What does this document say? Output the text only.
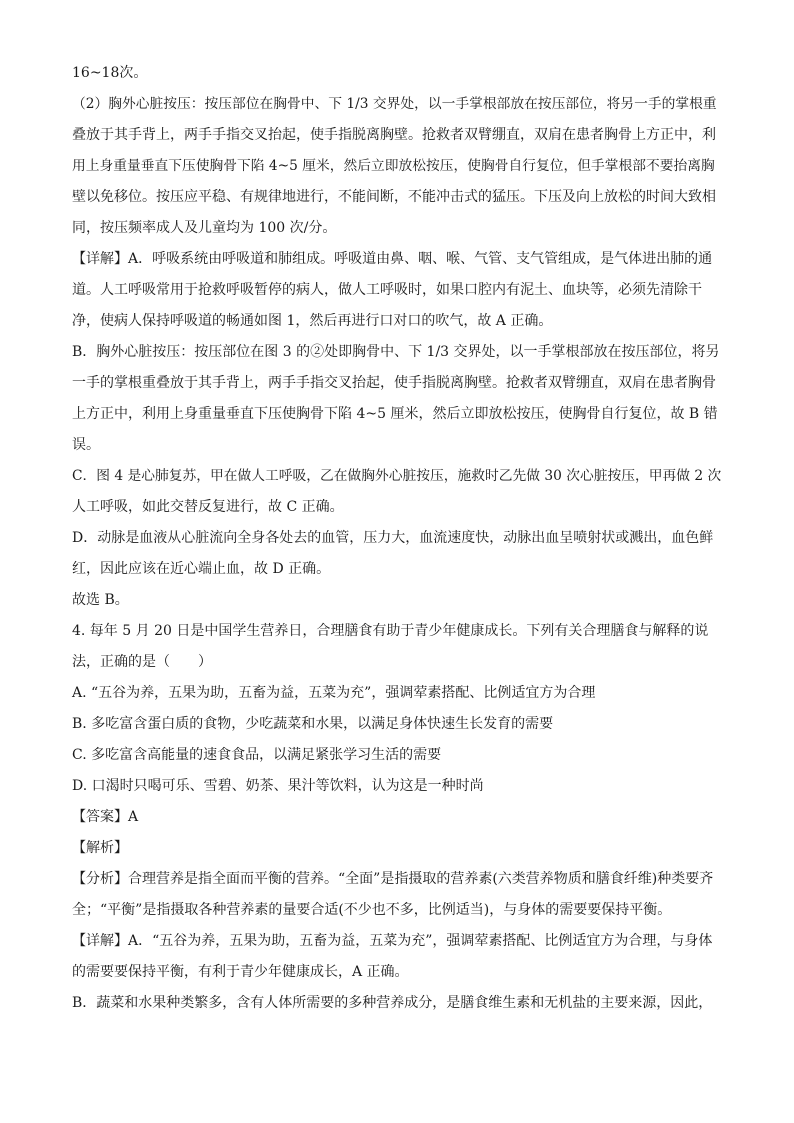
16~18次。
（2）胸外心脏按压：按压部位在胸骨中、下 1/3 交界处，以一手掌根部放在按压部位，将另一手的掌根重
叠放于其手背上，两手手指交叉抬起，使手指脱离胸壁。抢救者双臂绷直，双肩在患者胸骨上方正中，利
用上身重量垂直下压使胸骨下陷 4~5 厘米，然后立即放松按压，使胸骨自行复位，但手掌根部不要抬离胸
壁以免移位。按压应平稳、有规律地进行，不能间断，不能冲击式的猛压。下压及向上放松的时间大致相
同，按压频率成人及儿童均为 100 次/分。
【详解】A．呼吸系统由呼吸道和肺组成。呼吸道由鼻、咽、喉、气管、支气管组成，是气体进出肺的通
道。人工呼吸常用于抢救呼吸暂停的病人，做人工呼吸时，如果口腔内有泥土、血块等，必须先清除干
净，使病人保持呼吸道的畅通如图 1，然后再进行口对口的吹气，故 A 正确。
B．胸外心脏按压：按压部位在图 3 的②处即胸骨中、下 1/3 交界处，以一手掌根部放在按压部位，将另
一手的掌根重叠放于其手背上，两手手指交叉抬起，使手指脱离胸壁。抢救者双臂绷直，双肩在患者胸骨
上方正中，利用上身重量垂直下压使胸骨下陷 4~5 厘米，然后立即放松按压，使胸骨自行复位，故 B 错
误。
C．图 4 是心肺复苏，甲在做人工呼吸，乙在做胸外心脏按压，施救时乙先做 30 次心脏按压，甲再做 2 次
人工呼吸，如此交替反复进行，故 C 正确。
D．动脉是血液从心脏流向全身各处去的血管，压力大，血流速度快，动脉出血呈喷射状或溅出，血色鲜
红，因此应该在近心端止血，故 D 正确。
故选 B。
4. 每年 5 月 20 日是中国学生营养日，合理膳食有助于青少年健康成长。下列有关合理膳食与解释的说
法，正确的是（　　）
A. “五谷为养，五果为助，五畜为益，五菜为充”，强调荤素搭配、比例适宜方为合理
B. 多吃富含蛋白质的食物，少吃蔬菜和水果，以满足身体快速生长发育的需要
C. 多吃富含高能量的速食食品，以满足紧张学习生活的需要
D. 口渴时只喝可乐、雪碧、奶茶、果汁等饮料，认为这是一种时尚
【答案】A
【解析】
【分析】合理营养是指全面而平衡的营养。“全面”是指摄取的营养素(六类营养物质和膳食纤维)种类要齐
全；“平衡”是指摄取各种营养素的量要合适(不少也不多，比例适当)，与身体的需要要保持平衡。
【详解】A．“五谷为养，五果为助，五畜为益，五菜为充”，强调荤素搭配、比例适宜方为合理，与身体
的需要要保持平衡，有利于青少年健康成长，A 正确。
B．蔬菜和水果种类繁多，含有人体所需要的多种营养成分，是膳食维生素和无机盐的主要来源，因此，
